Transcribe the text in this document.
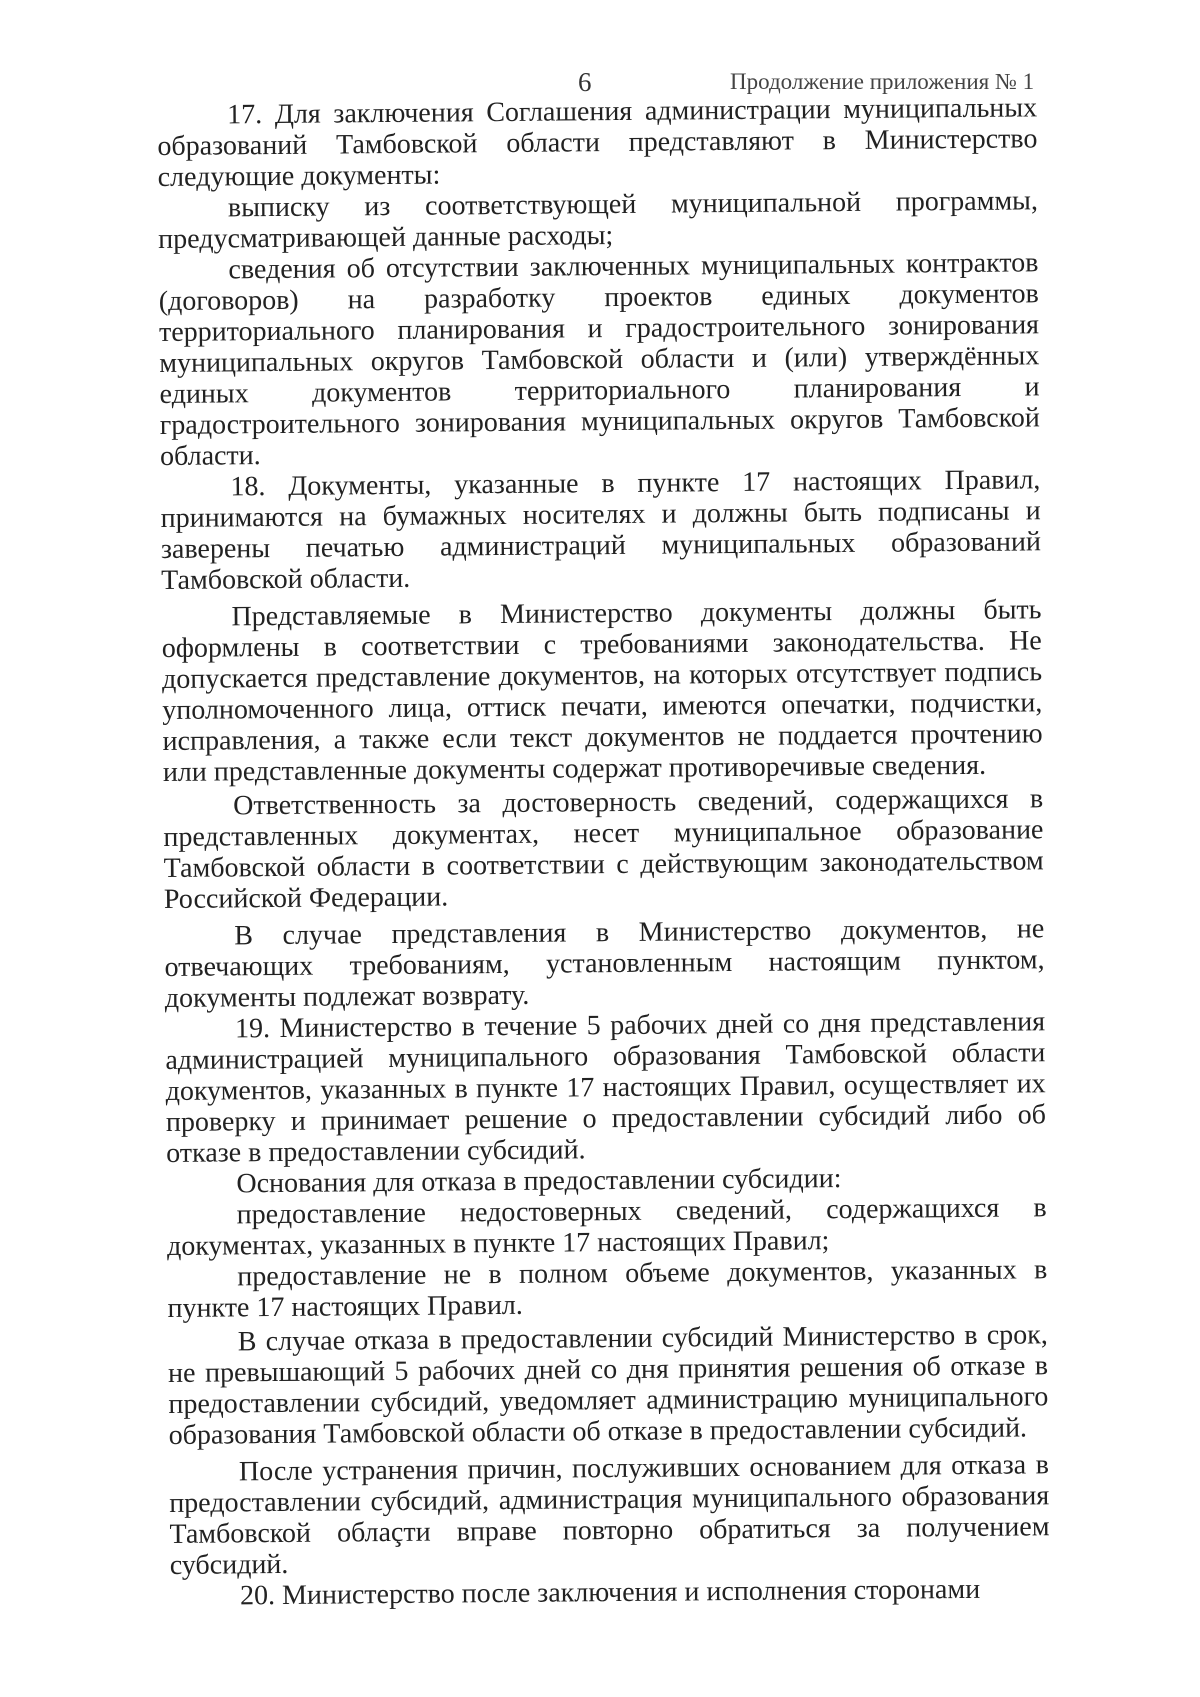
6	Продолжение приложения № 1

17. Для заключения Соглашения администрации муниципальных образований Тамбовской области представляют в Министерство следующие документы:

выписку из соответствующей муниципальной программы, предусматривающей данные расходы;

сведения об отсутствии заключенных муниципальных контрактов (договоров) на разработку проектов единых документов территориального планирования и градостроительного зонирования муниципальных округов Тамбовской области и (или) утверждённых единых документов территориального планирования и градостроительного зонирования муниципальных округов Тамбовской области.

18. Документы, указанные в пункте 17 настоящих Правил, принимаются на бумажных носителях и должны быть подписаны и заверены печатью администраций муниципальных образований Тамбовской области.

Представляемые в Министерство документы должны быть оформлены в соответствии с требованиями законодательства. Не допускается представление документов, на которых отсутствует подпись уполномоченного лица, оттиск печати, имеются опечатки, подчистки, исправления, а также если текст документов не поддается прочтению или представленные документы содержат противоречивые сведения.

Ответственность за достоверность сведений, содержащихся в представленных документах, несет муниципальное образование Тамбовской области в соответствии с действующим законодательством Российской Федерации.

В случае представления в Министерство документов, не отвечающих требованиям, установленным настоящим пунктом, документы подлежат возврату.

19. Министерство в течение 5 рабочих дней со дня представления администрацией муниципального образования Тамбовской области документов, указанных в пункте 17 настоящих Правил, осуществляет их проверку и принимает решение о предоставлении субсидий либо об отказе в предоставлении субсидий.

Основания для отказа в предоставлении субсидии:

предоставление недостоверных сведений, содержащихся в документах, указанных в пункте 17 настоящих Правил;

предоставление не в полном объеме документов, указанных в пункте 17 настоящих Правил.

В случае отказа в предоставлении субсидий Министерство в срок, не превышающий 5 рабочих дней со дня принятия решения об отказе в предоставлении субсидий, уведомляет администрацию муниципального образования Тамбовской области об отказе в предоставлении субсидий.

После устранения причин, послуживших основанием для отказа в предоставлении субсидий, администрация муниципального образования Тамбовской облаçти вправе повторно обратиться за получением субсидий.

20. Министерство после заключения и исполнения сторонами
